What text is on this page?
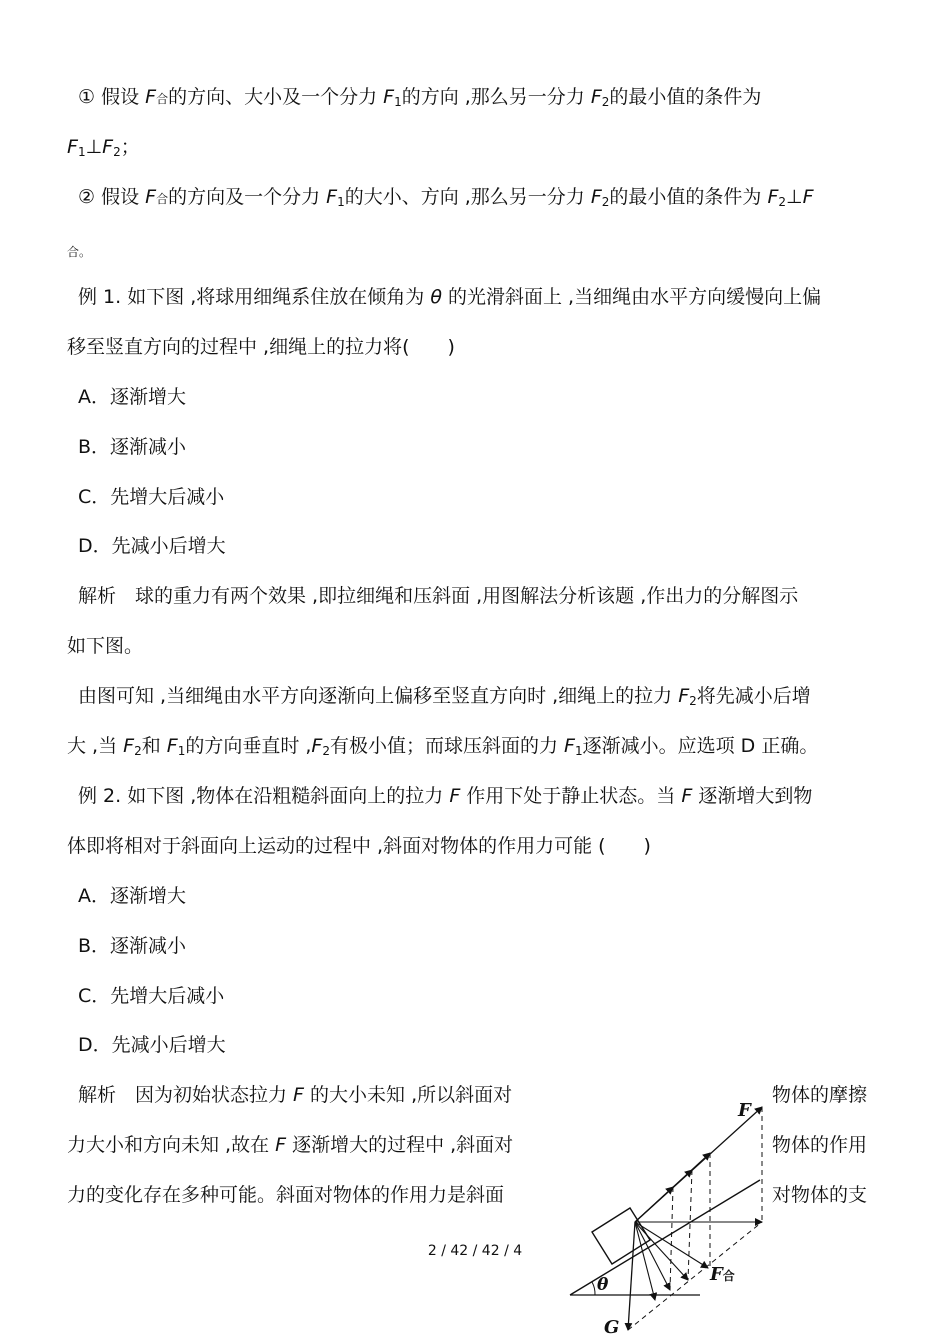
① 假设 F合的方向、大小及一个分力 $F_1$的方向 ,那么另一分力 $F_2$的最小值的条件为
$F_1\perp F_2$；
② 假设 F合的方向及一个分力 $F_1$的大小、方向 ,那么另一分力 $F_2$的最小值的条件为 $F_2\perp F$
合。
例 1. 如下图 ,将球用细绳系住放在倾角为 θ 的光滑斜面上 ,当细绳由水平方向缓慢向上偏
移至竖直方向的过程中 ,细绳上的拉力将(　　)
A．逐渐增大
B．逐渐减小
C．先增大后减小
D．先减小后增大
解析　球的重力有两个效果 ,即拉细绳和压斜面 ,用图解法分析该题 ,作出力的分解图示
如下图。
由图可知 ,当细绳由水平方向逐渐向上偏移至竖直方向时 ,细绳上的拉力 $F_2$将先减小后增
大 ,当 $F_2$和 $F_1$的方向垂直时 $,F_2$有极小值；而球压斜面的力 $F_1$逐渐减小。应选项 D 正确。
例 2. 如下图 ,物体在沿粗糙斜面向上的拉力 F 作用下处于静止状态。当 F 逐渐增大到物
体即将相对于斜面向上运动的过程中 ,斜面对物体的作用力可能 (　　)
A．逐渐增大
B．逐渐减小
C．先增大后减小
D．先减小后增大
解析　因为初始状态拉力 F 的大小未知 ,所以斜面对	物体的摩擦
力大小和方向未知 ,故在 F 逐渐增大的过程中 ,斜面对	物体的作用
力的变化存在多种可能。斜面对物体的作用力是斜面	对物体的支
θ
F
G
F合
2 / 42 / 42 / 4
